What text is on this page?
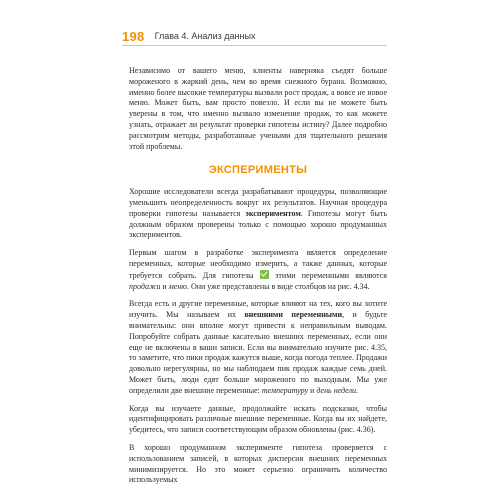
198 Глава 4. Анализ данных

Независимо от вашего меню, клиенты наверняка съедят больше мороженого в жаркий день, чем во время снежного бурана. Возможно, именно более высокие температуры вызвали рост продаж, а вовсе не новое меню. Может быть, вам просто повезло. И если вы не можете быть уверены в том, что именно вызвало изменение продаж, то как можете узнать, отражает ли результат проверки гипотезы истину? Далее подробно рассмотрим методы, разработанные учеными для тщательного решения этой проблемы.

ЭКСПЕРИМЕНТЫ

Хорошие исследователи всегда разрабатывают процедуры, позволяющие уменьшить неопределенность вокруг их результатов. Научная процедура проверки гипотезы называется экспериментом. Гипотезы могут быть должным образом проверены только с помощью хорошо продуманных экспериментов.

Первым шагом в разработке эксперимента является определение переменных, которые необходимо измерить, а также данных, которые требуется собрать. Для гипотезы  этими переменными являются продажи и меню. Они уже представлены в виде столбцов на рис. 4.34.

Всегда есть и другие переменные, которые влияют на тех, кого вы хотите изучить. Мы называем их внешними переменными, и будьте внимательны: они вполне могут привести к неправильным выводам. Попробуйте собрать данные касательно внешних переменных, если они еще не включены в ваши записи. Если вы внимательно изучите рис. 4.35, то заметите, что пики продаж кажутся выше, когда погода теплее. Продажи довольно нерегулярны, но мы наблюдаем пик продаж каждые семь дней. Может быть, люди едят больше мороженого по выходным. Мы уже определили две внешние переменные: температуру и день недели.

Когда вы изучаете данные, продолжайте искать подсказки, чтобы идентифицировать различные внешние переменные. Когда вы их найдете, убедитесь, что записи соответствующим образом обновлены (рис. 4.36).

В хорошо продуманном эксперименте гипотеза проверяется с использованием записей, в которых дисперсия внешних переменных минимизируется. Но это может серьезно ограничить количество используемых
